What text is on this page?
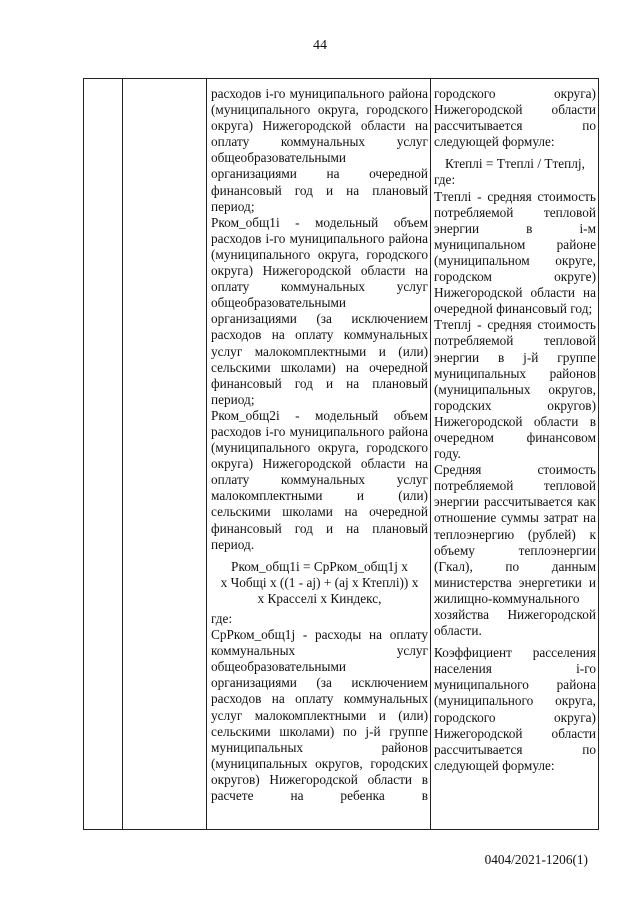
44

расходов i-го муниципального района (муниципального округа, городского округа) Нижегородской области на оплату коммунальных услуг общеобразовательными организациями на очередной финансовый год и на плановый период;

Рком_общ1i - модельный объем расходов i-го муниципального района (муниципального округа, городского округа) Нижегородской области на оплату коммунальных услуг общеобразовательными организациями (за исключением расходов на оплату коммунальных услуг малокомплектными и (или) сельскими школами) на очередной финансовый год и на плановый период;

Рком_общ2i - модельный объем расходов i-го муниципального района (муниципального округа, городского округа) Нижегородской области на оплату коммунальных услуг малокомплектными и (или) сельскими школами на очередной финансовый год и на плановый период.

Рком_общ1i = СрРком_общ1j x

x Чобщi x ((1 - aj) + (aj x Ктеплi)) x

x Красселi x Киндекс,

где:

СрРком_общ1j - расходы на оплату коммунальных услуг общеобразовательными организациями (за исключением расходов на оплату коммунальных услуг малокомплектными и (или) сельскими школами) по j-й группе муниципальных районов (муниципальных округов, городских округов) Нижегородской области в расчете на ребенка в

городского округа) Нижегородской области рассчитывается по следующей формуле:

Ктеплi = Ттеплi / Ттеплj,

где:

Ттеплi - средняя стоимость потребляемой тепловой энергии в i-м муниципальном районе (муниципальном округе, городском округе) Нижегородской области на очередной финансовый год;

Ттеплj - средняя стоимость потребляемой тепловой энергии в j-й группе муниципальных районов (муниципальных округов, городских округов) Нижегородской области в очередном финансовом году.

Средняя стоимость потребляемой тепловой энергии рассчитывается как отношение суммы затрат на теплоэнергию (рублей) к объему теплоэнергии (Гкал), по данным министерства энергетики и жилищно-коммунального хозяйства Нижегородской области.

Коэффициент расселения населения i-го муниципального района (муниципального округа, городского округа) Нижегородской области рассчитывается по следующей формуле:

0404/2021-1206(1)
